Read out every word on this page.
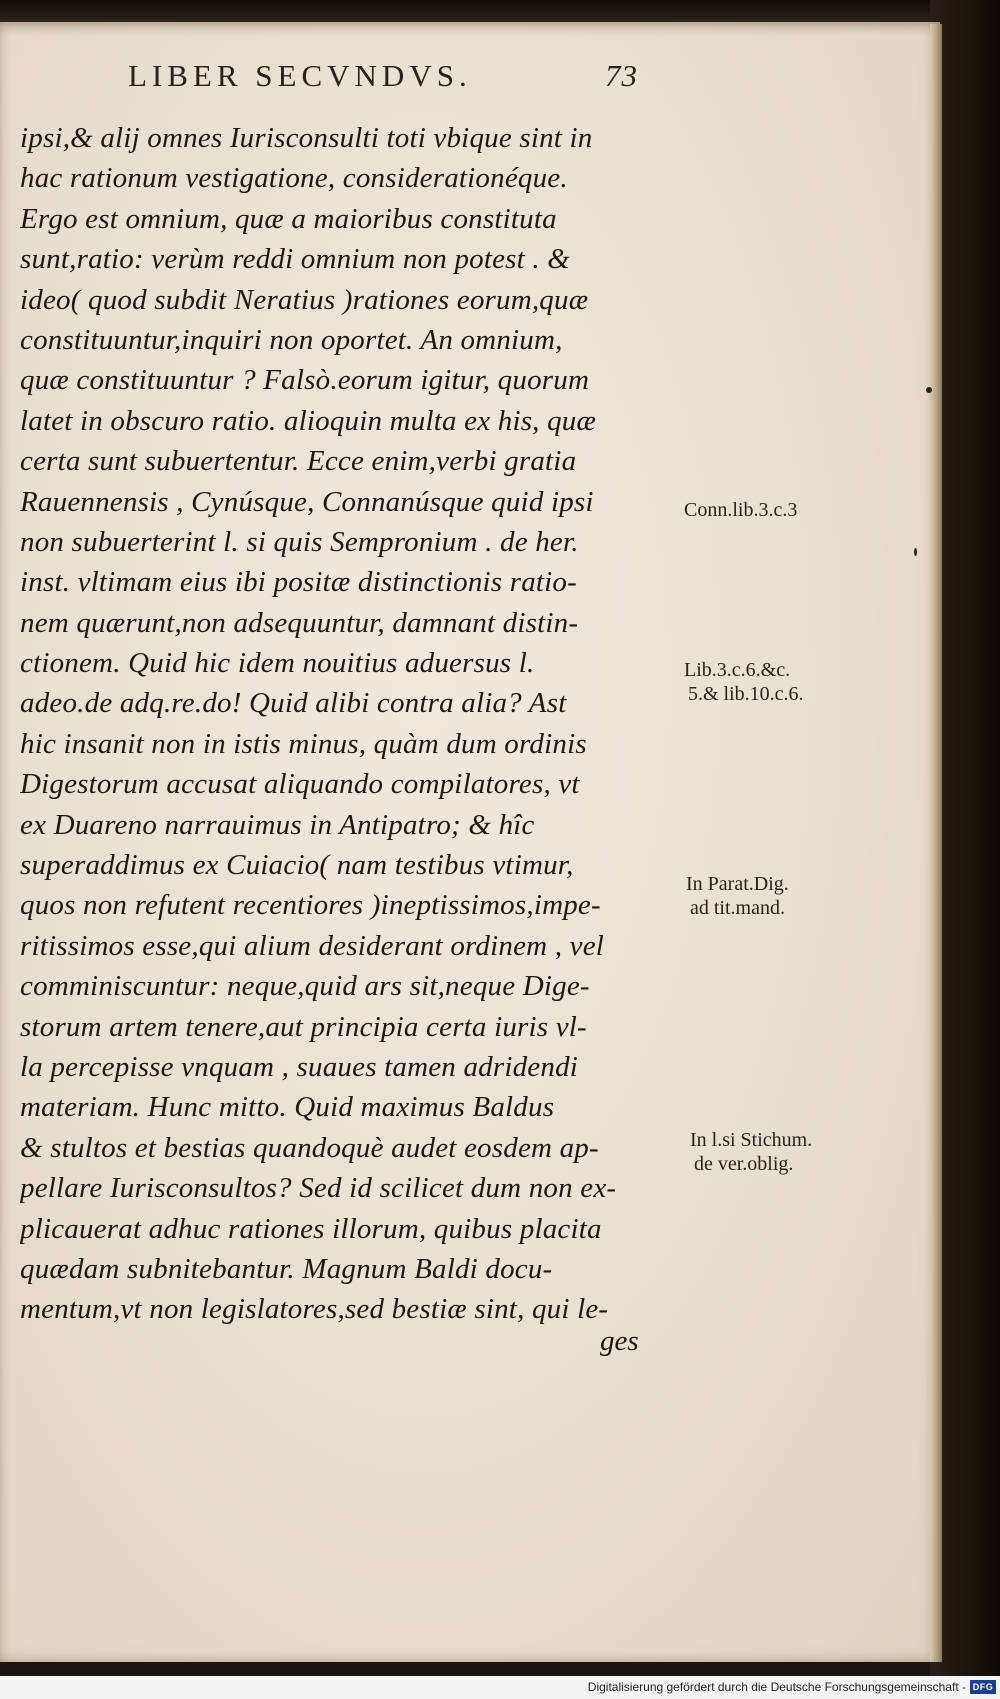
LIBER SECVNDVS.	73
ipsi,& alij omnes Iurisconsulti toti vbique sint in
hac rationum vestigatione, considerationéque.
Ergo est omnium, quæ a maioribus constituta
sunt,ratio: verùm reddi omnium non potest . &
ideo( quod subdit Neratius )rationes eorum,quæ
constituuntur,inquiri non oportet. An omnium,
quæ constituuntur ? Falsò.eorum igitur, quorum
latet in obscuro ratio. alioquin multa ex his, quæ
certa sunt subuertentur. Ecce enim,verbi gratia
Rauennensis , Cynúsque, Connanúsque quid ipsi
non subuerterint l. si quis Sempronium . de her.
inst. vltimam eius ibi positæ distinctionis ratio-
nem quærunt,non adsequuntur, damnant distin-
ctionem. Quid hic idem nouitius aduersus l.
adeo.de adq.re.do! Quid alibi contra alia? Ast
hic insanit non in istis minus, quàm dum ordinis
Digestorum accusat aliquando compilatores, vt
ex Duareno narrauimus in Antipatro; & hîc
superaddimus ex Cuiacio( nam testibus vtimur,
quos non refutent recentiores )ineptissimos,impe-
ritissimos esse,qui alium desiderant ordinem , vel
comminiscuntur: neque,quid ars sit,neque Dige-
storum artem tenere,aut principia certa iuris vl-
la percepisse vnquam , suaues tamen adridendi
materiam. Hunc mitto. Quid maximus Baldus
& stultos et bestias quandoquè audet eosdem ap-
pellare Iurisconsultos? Sed id scilicet dum non ex-
plicauerat adhuc rationes illorum, quibus placita
quædam subnitebantur. Magnum Baldi docu-
mentum,vt non legislatores,sed bestiæ sint, qui le-
ges
Conn.lib.3.c.3
Lib.3.c.6.&c.
5.& lib.10.c.6.
In Parat.Dig.
ad tit.mand.
In l.si Stichum.
de ver.oblig.
Digitalisierung gefördert durch die Deutsche Forschungsgemeinschaft - DFG
